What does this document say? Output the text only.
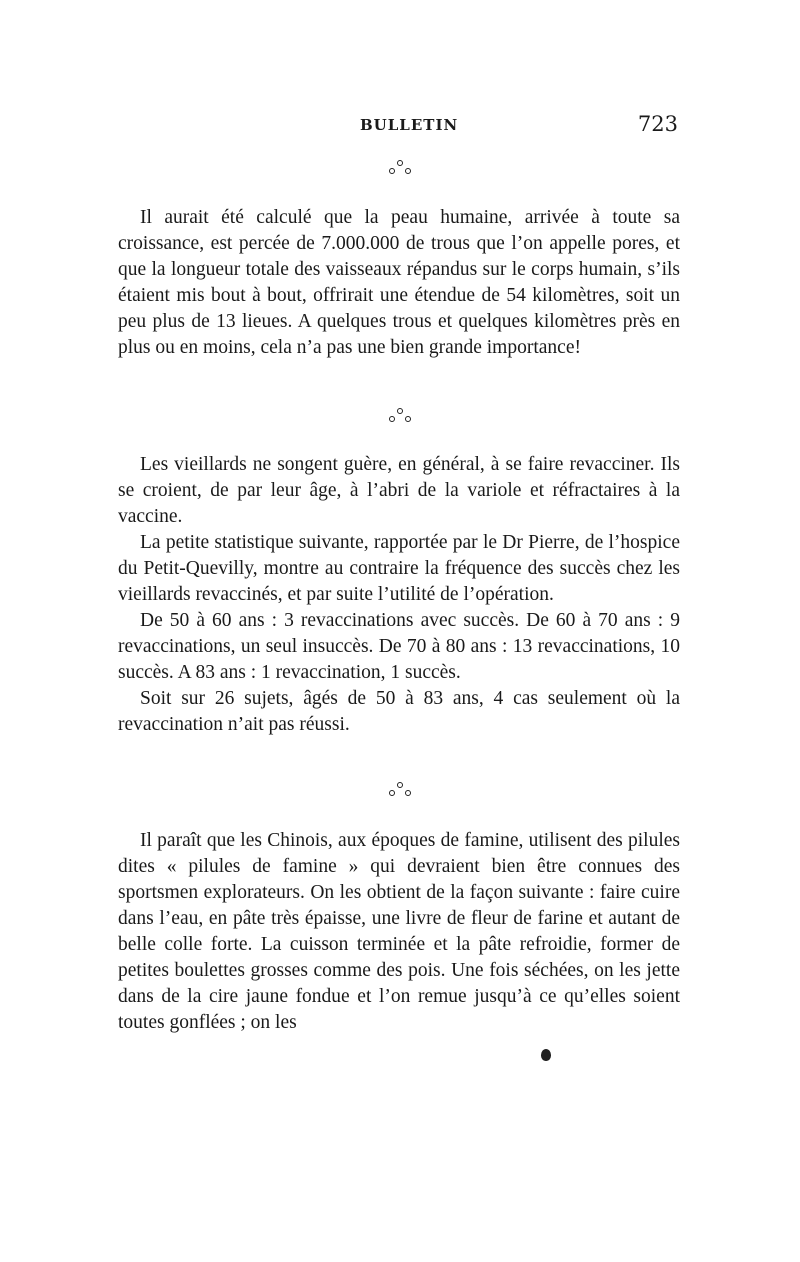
BULLETIN	723

Il aurait été calculé que la peau humaine, arrivée à toute sa croissance, est percée de 7.000.000 de trous que l’on appelle pores, et que la longueur totale des vaisseaux répandus sur le corps humain, s’ils étaient mis bout à bout, offrirait une étendue de 54 kilomètres, soit un peu plus de 13 lieues. A quelques trous et quelques kilomètres près en plus ou en moins, cela n’a pas une bien grande importance!

Les vieillards ne songent guère, en général, à se faire revacciner. Ils se croient, de par leur âge, à l’abri de la variole et réfractaires à la vaccine.

La petite statistique suivante, rapportée par le Dr Pierre, de l’hospice du Petit-Quevilly, montre au contraire la fréquence des succès chez les vieillards revaccinés, et par suite l’utilité de l’opération.

De 50 à 60 ans : 3 revaccinations avec succès. De 60 à 70 ans : 9 revaccinations, un seul insuccès. De 70 à 80 ans : 13 revaccinations, 10 succès. A 83 ans : 1 revaccination, 1 succès.

Soit sur 26 sujets, âgés de 50 à 83 ans, 4 cas seulement où la revaccination n’ait pas réussi.

Il paraît que les Chinois, aux époques de famine, utilisent des pilules dites « pilules de famine » qui devraient bien être connues des sportsmen explorateurs. On les obtient de la façon suivante : faire cuire dans l’eau, en pâte très épaisse, une livre de fleur de farine et autant de belle colle forte. La cuisson terminée et la pâte refroidie, former de petites boulettes grosses comme des pois. Une fois séchées, on les jette dans de la cire jaune fondue et l’on remue jusqu’à ce qu’elles soient toutes gonflées ; on les
